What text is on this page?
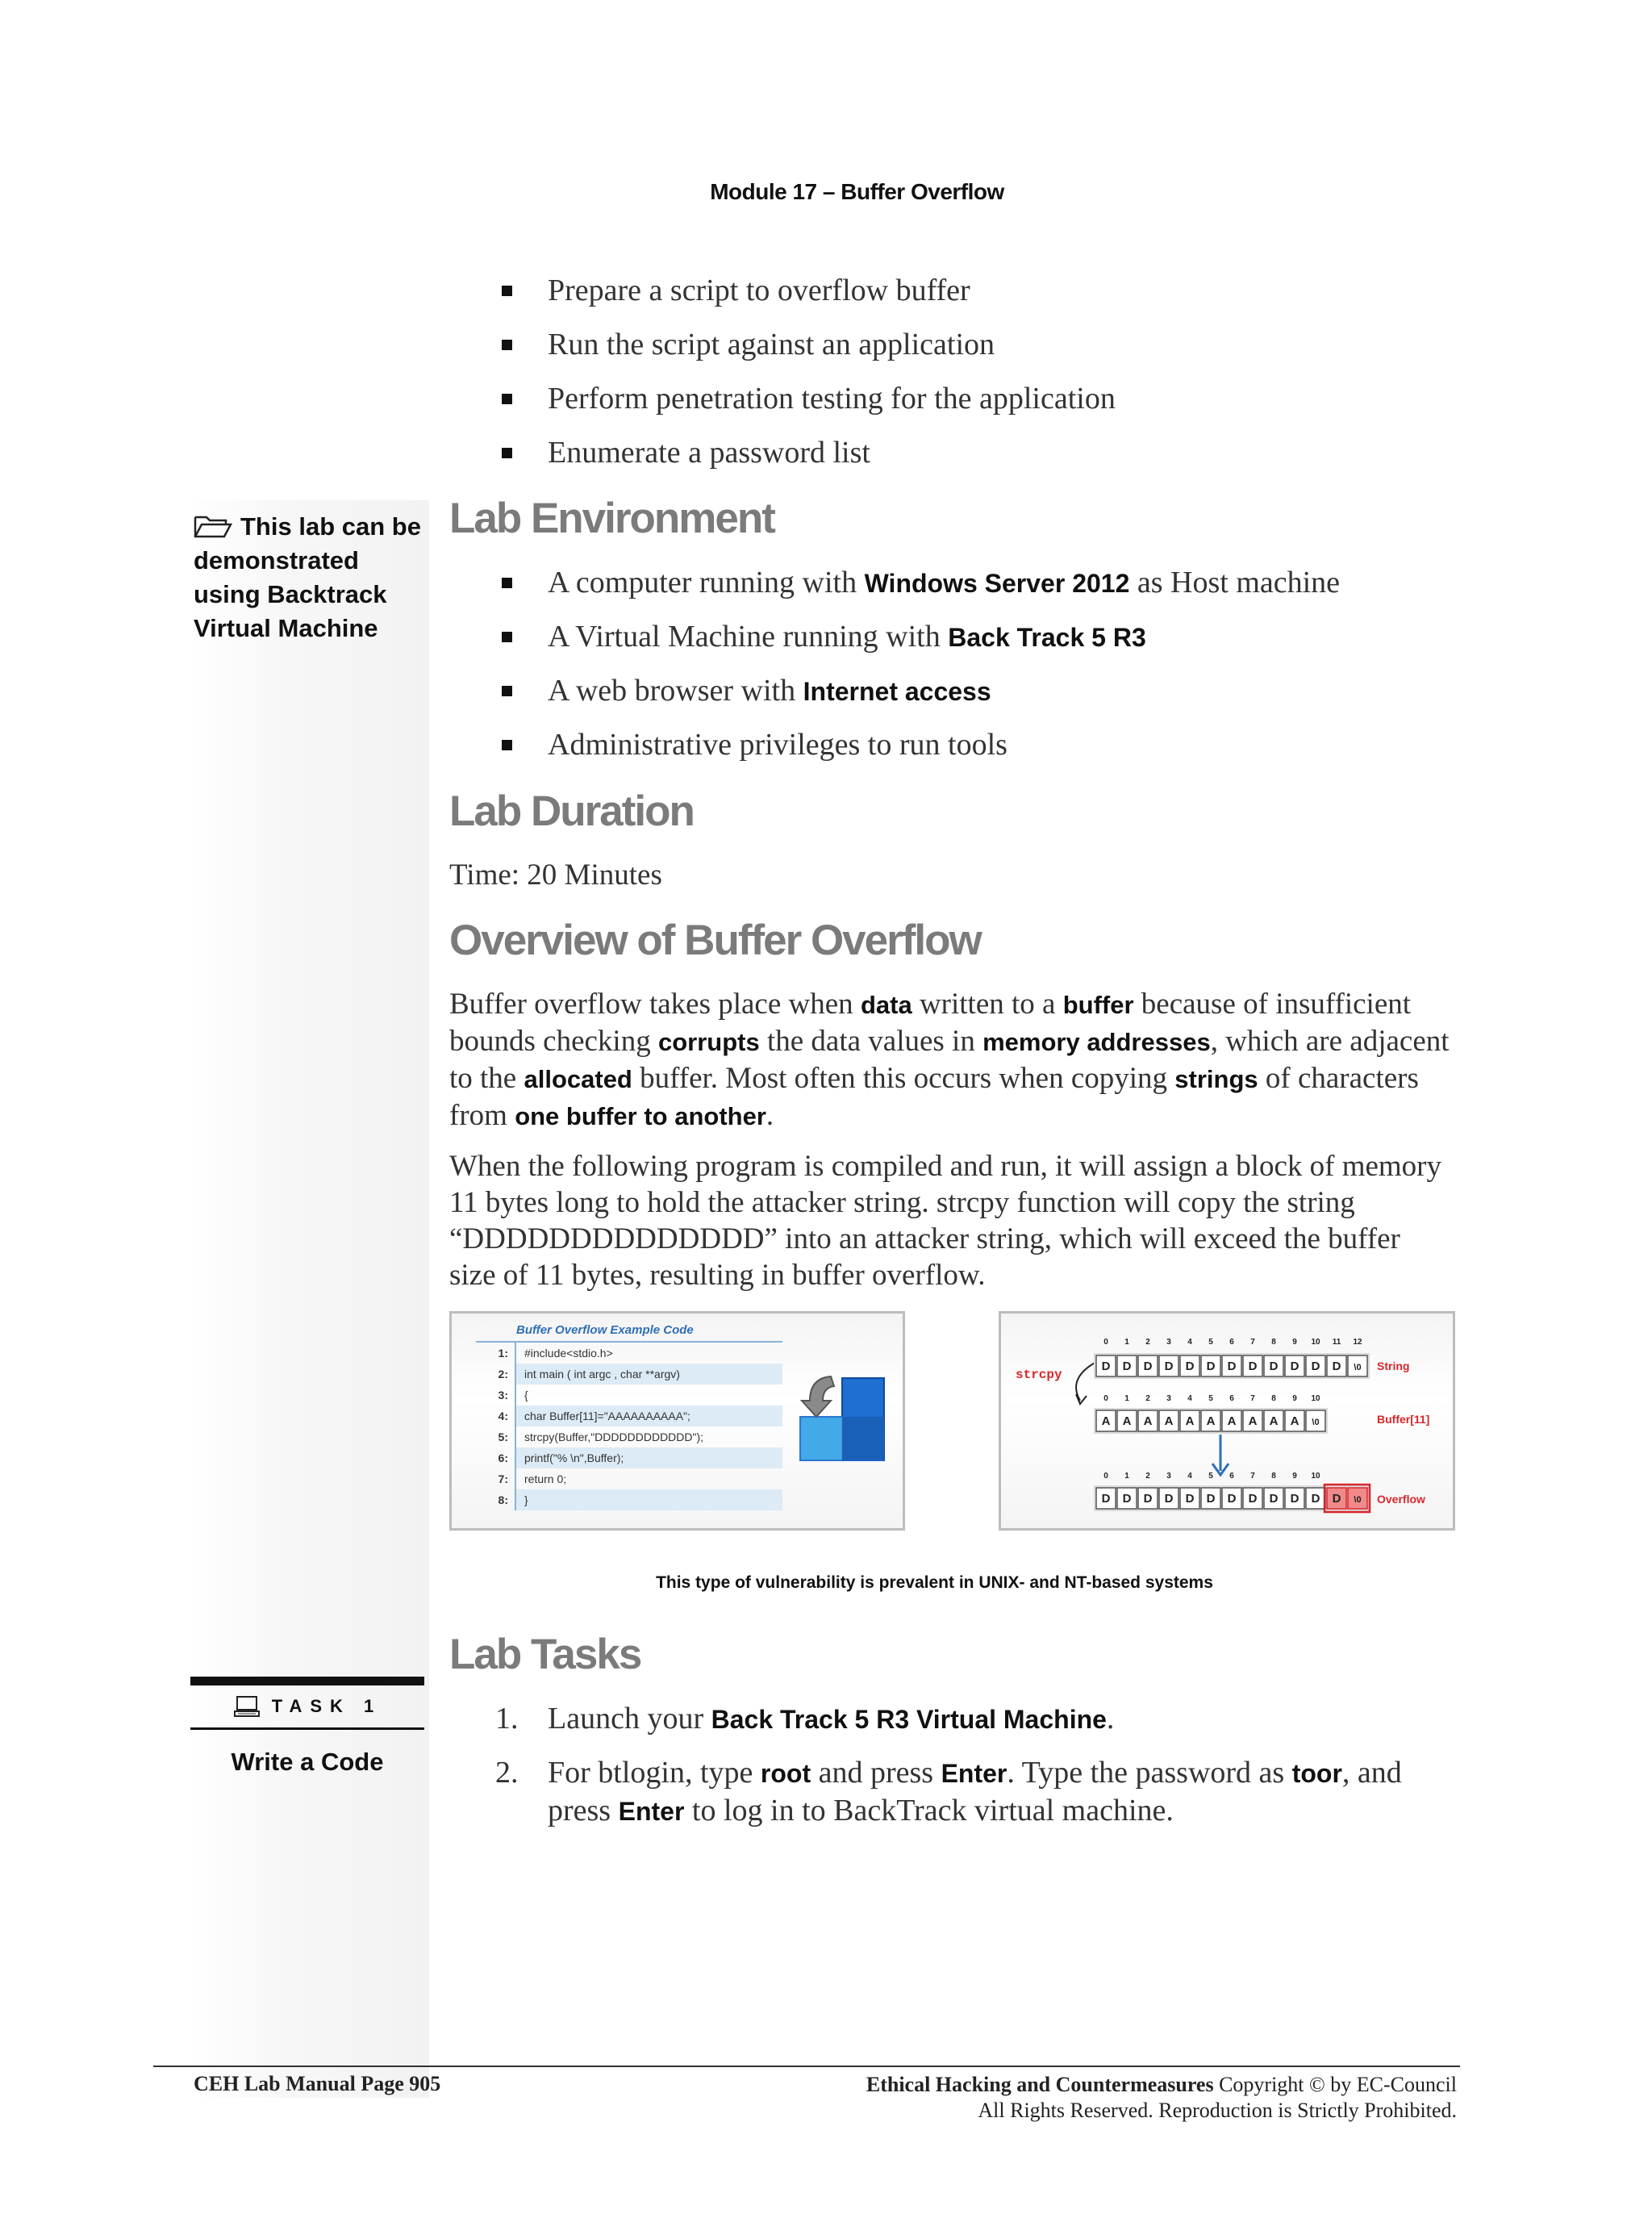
Module 17 – Buffer Overflow
Prepare a script to overflow buffer
Run the script against an application
Perform penetration testing for the application
Enumerate a password list
This lab can be demonstrated using Backtrack Virtual Machine
Lab Environment
A computer running with Windows Server 2012 as Host machine
A Virtual Machine running with Back Track 5 R3
A web browser with Internet access
Administrative privileges to run tools
Lab Duration

Time: 20 Minutes

Overview of Buffer Overflow

Buffer overflow takes place when data written to a buffer because of insufficient bounds checking corrupts the data values in memory addresses, which are adjacent to the allocated buffer. Most often this occurs when copying strings of characters from one buffer to another.

When the following program is compiled and run, it will assign a block of memory 11 bytes long to hold the attacker string. strcpy function will copy the string “DDDDDDDDDDDDDD” into an attacker string, which will exceed the buffer size of 11 bytes, resulting in buffer overflow.

Buffer Overflow Example Code
1:	#include<stdio.h>
2:	int main ( int argc , char **argv)
3:	{
4:	char Buffer[11]="AAAAAAAAAA";
5:	strcpy(Buffer,"DDDDDDDDDDDD");
6:	printf("% \n",Buffer);
7:	return 0;
8:	}
strcpy
String
Buffer[11]
Overflow
0 1 2 3 4 5 6 7 8 9 10 11 12
D D D D D D D D D D D D \0
0 1 2 3 4 5 6 7 8 9 10
A A A A A A A A A A \0
0 1 2 3 4 5 6 7 8 9 10
D D D D D D D D D D D D \0
This type of vulnerability is prevalent in UNIX- and NT-based systems
Lab Tasks
TASK 1
Write a Code
1. Launch your Back Track 5 R3 Virtual Machine.
2. For btlogin, type root and press Enter. Type the password as toor, and press Enter to log in to BackTrack virtual machine.
CEH Lab Manual Page 905	Ethical Hacking and Countermeasures Copyright © by EC-Council
All Rights Reserved. Reproduction is Strictly Prohibited.
